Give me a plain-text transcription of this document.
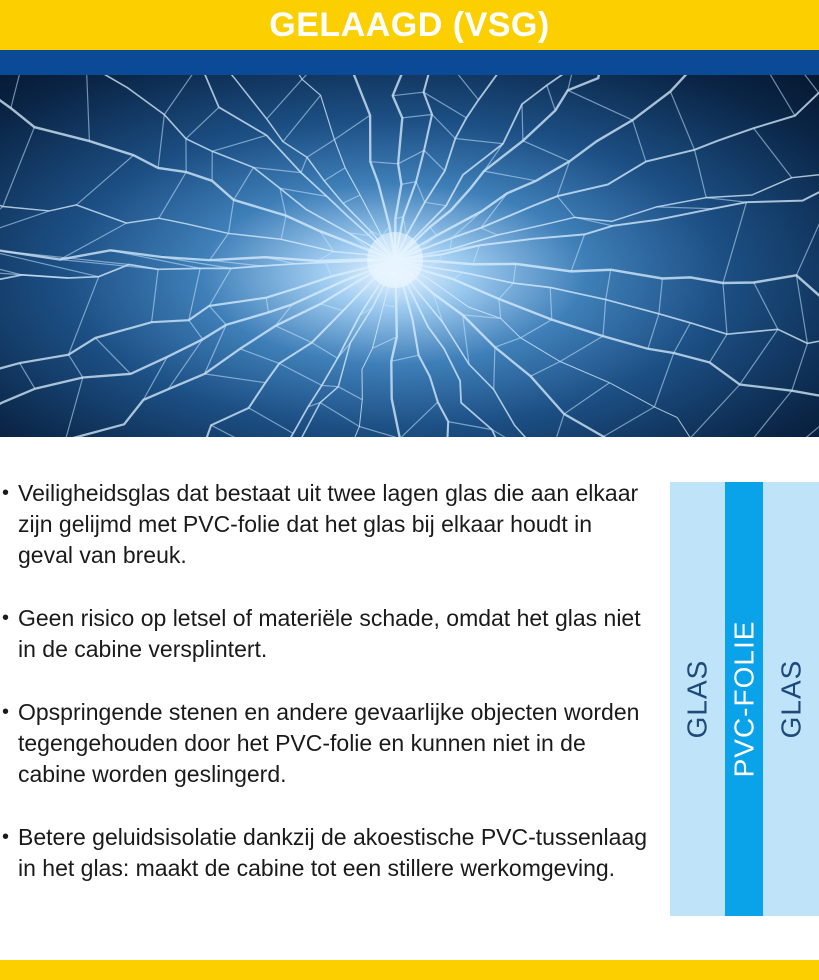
GELAAGD (VSG)
• Veiligheidsglas dat bestaat uit twee lagen glas die aan elkaar zijn gelijmd met PVC-folie dat het glas bij elkaar houdt in geval van breuk.
• Geen risico op letsel of materiële schade, omdat het glas niet in de cabine versplintert.
• Opspringende stenen en andere gevaarlijke objecten worden tegengehouden door het PVC-folie en kunnen niet in de cabine worden geslingerd.
• Betere geluidsisolatie dankzij de akoestische PVC-tussenlaag in het glas: maakt de cabine tot een stillere werkomgeving.
GLAS PVC-FOLIE GLAS
